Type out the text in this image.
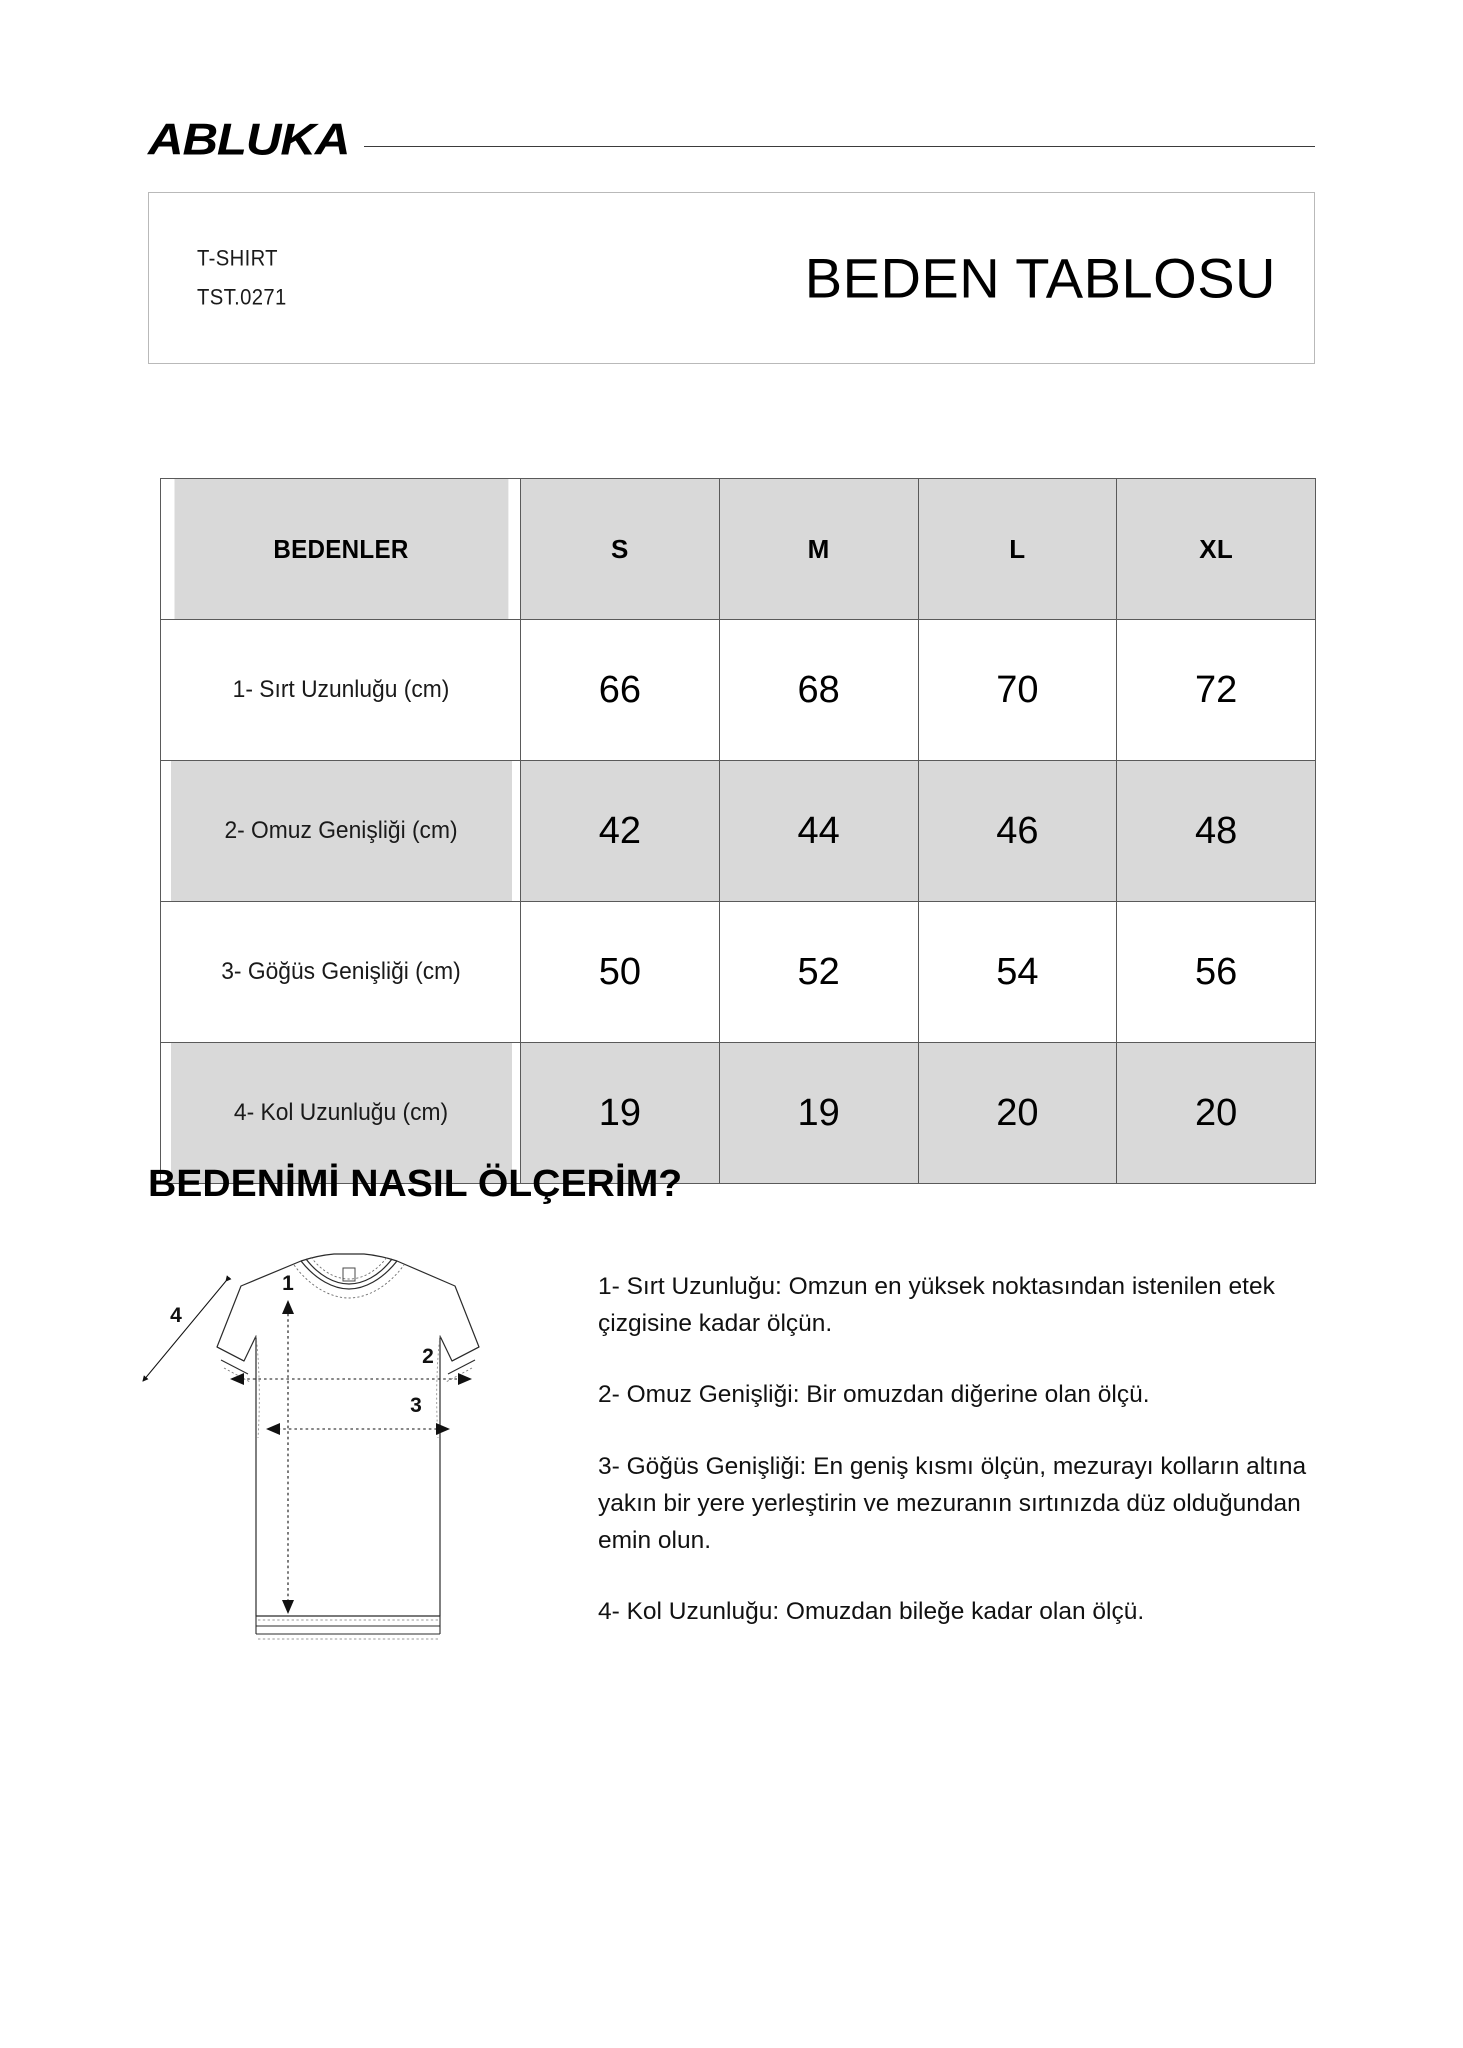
ABLUKA
T-SHIRT
TST.0271	BEDEN TABLOSU
BEDENLER	S	M	L	XL
1- Sırt Uzunluğu (cm)	66	68	70	72
2- Omuz Genişliği (cm)	42	44	46	48
3- Göğüs Genişliği (cm)	50	52	54	56
4- Kol Uzunluğu (cm)	19	19	20	20
BEDENİMİ NASIL ÖLÇERİM?
1
2
3
4

1- Sırt Uzunluğu: Omzun en yüksek noktasından istenilen etek çizgisine kadar ölçün.

2- Omuz Genişliği: Bir omuzdan diğerine olan ölçü.

3- Göğüs Genişliği: En geniş kısmı ölçün, mezurayı kolların altına yakın bir yere yerleştirin ve mezuranın sırtınızda düz olduğundan emin olun.

4- Kol Uzunluğu: Omuzdan bileğe kadar olan ölçü.
